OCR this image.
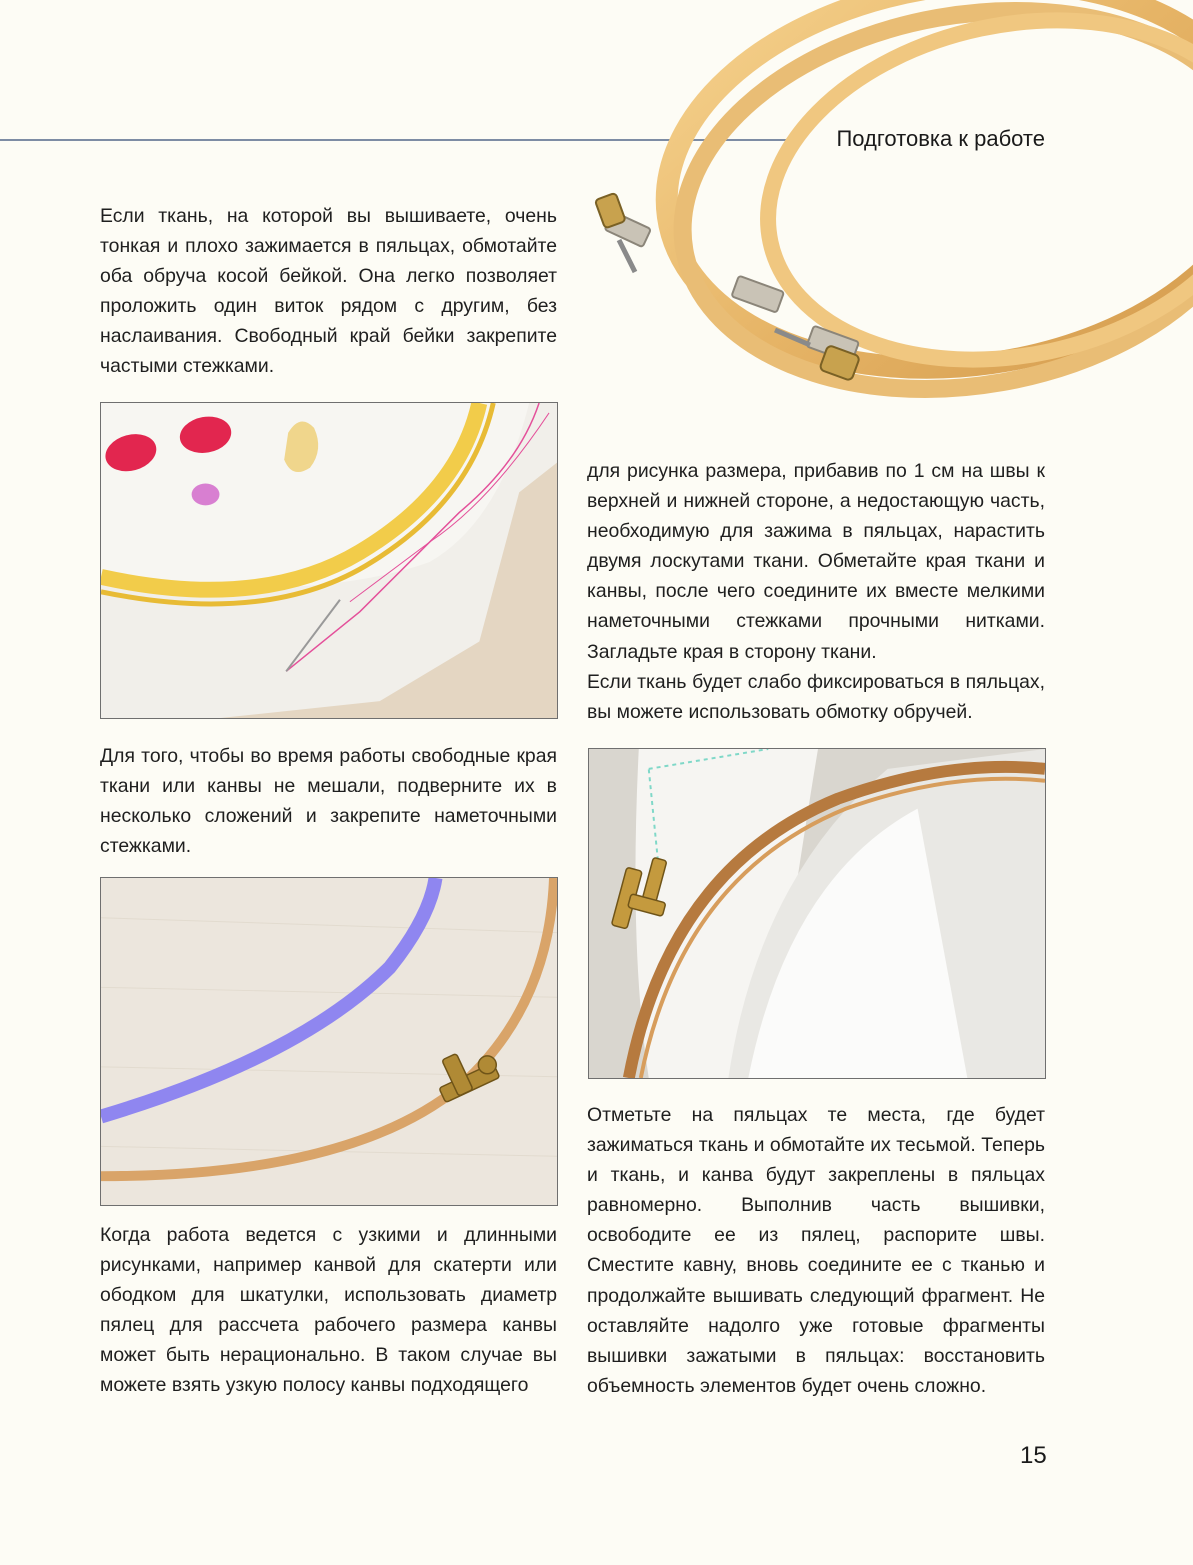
Подготовка к работе

Если ткань, на которой вы вышиваете, очень тонкая и плохо зажимается в пяльцах, обмотайте оба обруча косой бейкой. Она легко позволяет проложить один виток рядом с другим, без наслаивания. Свободный край бейки закрепите частыми стежками.

Для того, чтобы во время работы свободные края ткани или канвы не мешали, подверните их в несколько сложений и закрепите наметочными стежками.

Когда работа ведется с узкими и длинными рисунками, например канвой для скатерти или ободком для шкатулки, использовать диаметр пялец для рассчета рабочего размера канвы может быть нерационально. В таком случае вы можете взять узкую полосу канвы подходящего

для рисунка размера, прибавив по 1 см на швы к верхней и нижней стороне, а недостающую часть, необходимую для зажима в пяльцах, нарастить двумя лоскутами ткани. Обметайте края ткани и канвы, после чего соедините их вместе мелкими наметочными стежками прочными нитками. Загладьте края в сторону ткани.

Если ткань будет слабо фиксироваться в пяльцах, вы можете использовать обмотку обручей.

Отметьте на пяльцах те места, где будет зажиматься ткань и обмотайте их тесьмой. Теперь и ткань, и канва будут закреплены в пяльцах равномерно. Выполнив часть вышивки, освободите ее из пялец, распорите швы. Сместите кавну, вновь соедините ее с тканью и продолжайте вышивать следующий фрагмент. Не оставляйте надолго уже готовые фрагменты вышивки зажатыми в пяльцах: восстановить объемность элементов будет очень сложно.

15
